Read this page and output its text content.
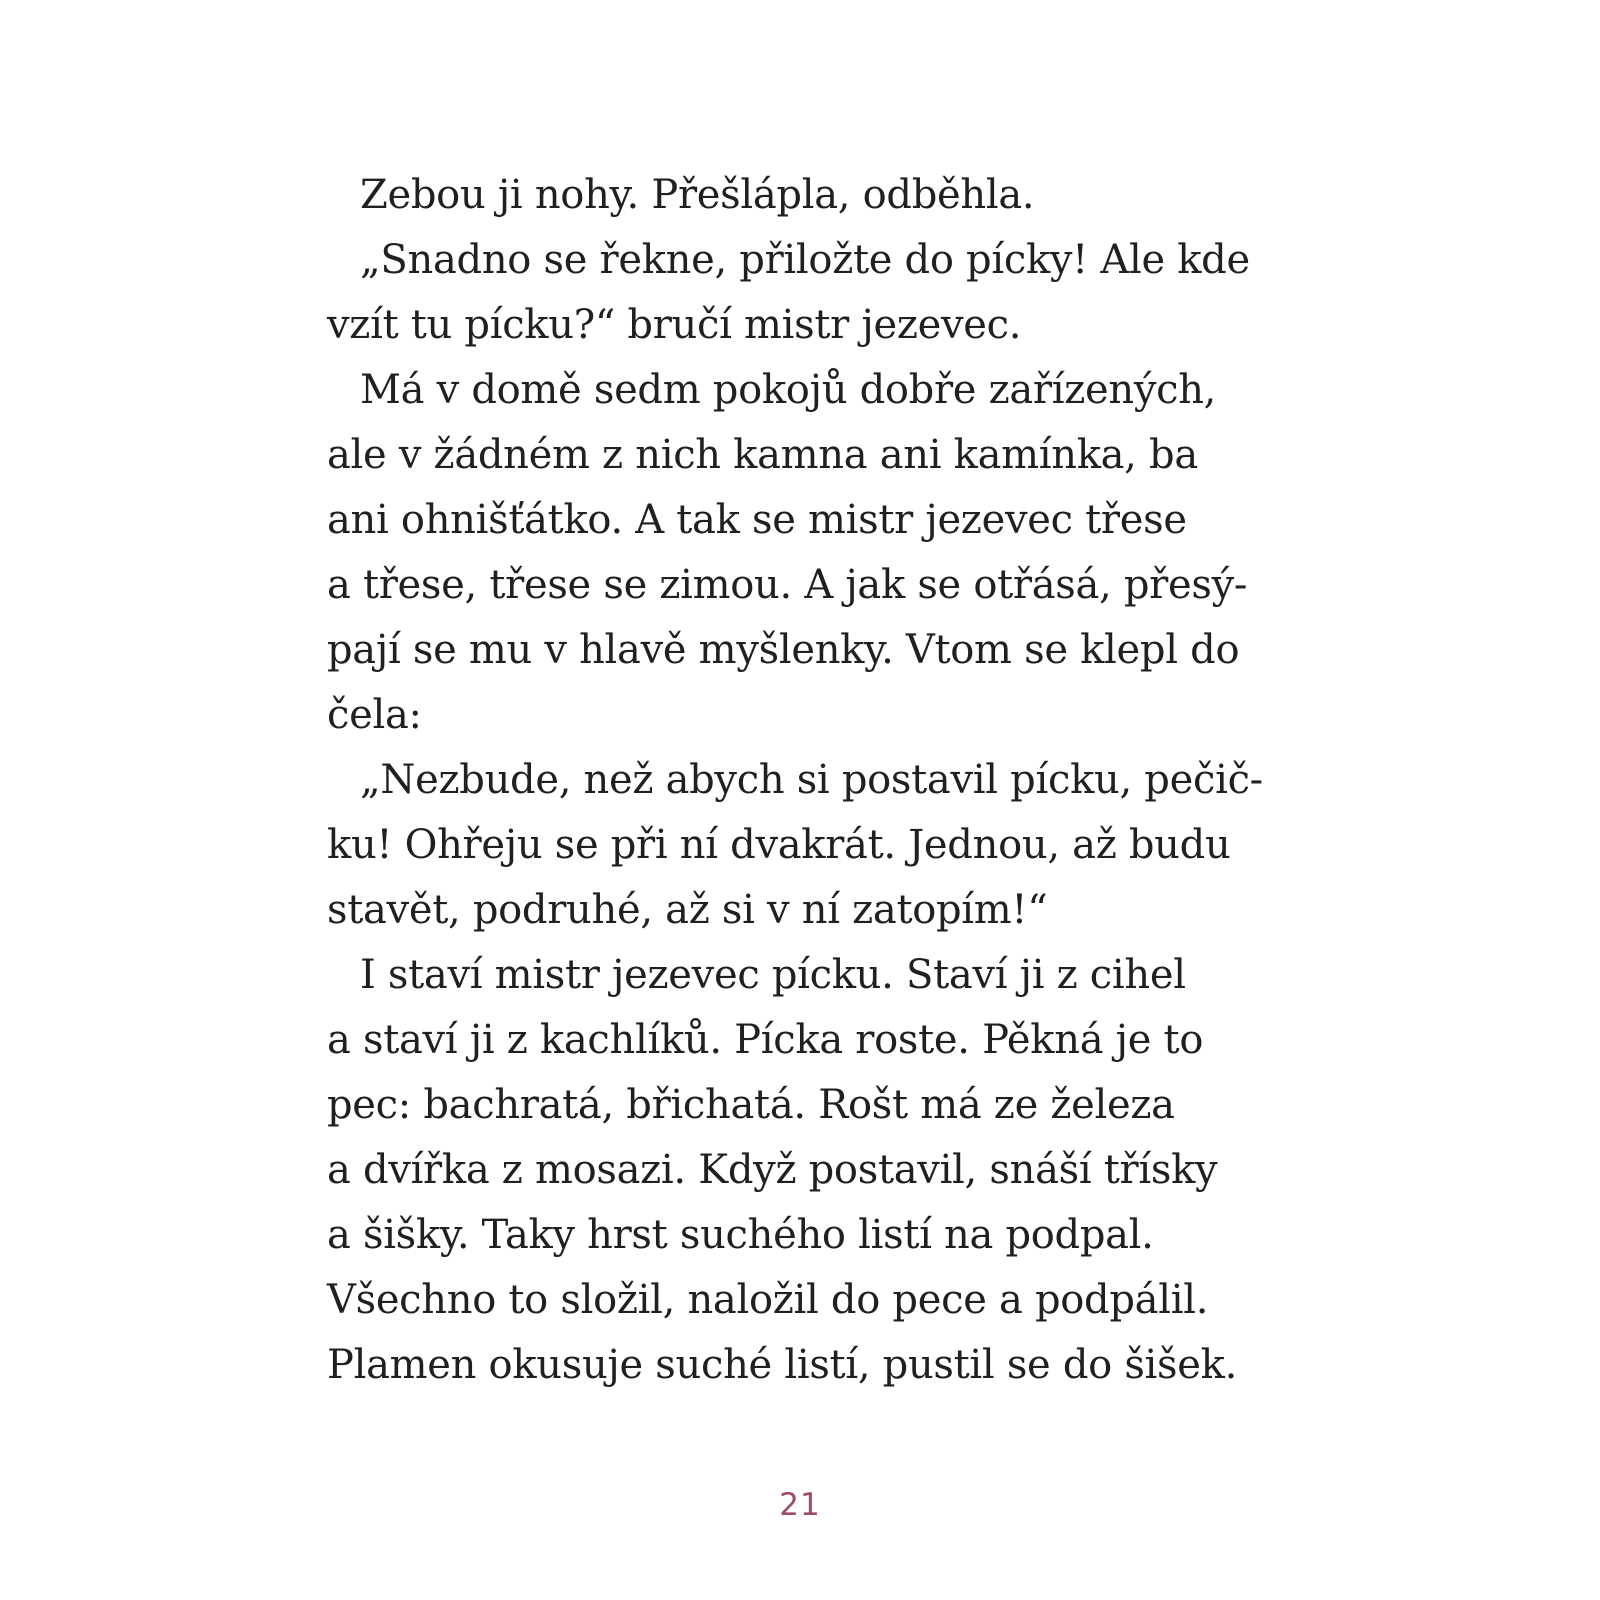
Zebou ji nohy. Přešlápla, odběhla.
„Snadno se řekne, přiložte do pícky! Ale kde
vzít tu pícku?“ bručí mistr jezevec.
Má v domě sedm pokojů dobře zařízených,
ale v žádném z nich kamna ani kamínka, ba
ani ohnišťátko. A tak se mistr jezevec třese
a třese, třese se zimou. A jak se otřásá, přesý-
pají se mu v hlavě myšlenky. Vtom se klepl do
čela:
„Nezbude, než abych si postavil pícku, pečič-
ku! Ohřeju se při ní dvakrát. Jednou, až budu
stavět, podruhé, až si v ní zatopím!“
I staví mistr jezevec pícku. Staví ji z cihel
a staví ji z kachlíků. Pícka roste. Pěkná je to
pec: bachratá, břichatá. Rošt má ze železa
a dvířka z mosazi. Když postavil, snáší třísky
a šišky. Taky hrst suchého listí na podpal.
Všechno to složil, naložil do pece a podpálil.
Plamen okusuje suché listí, pustil se do šišek.
21
